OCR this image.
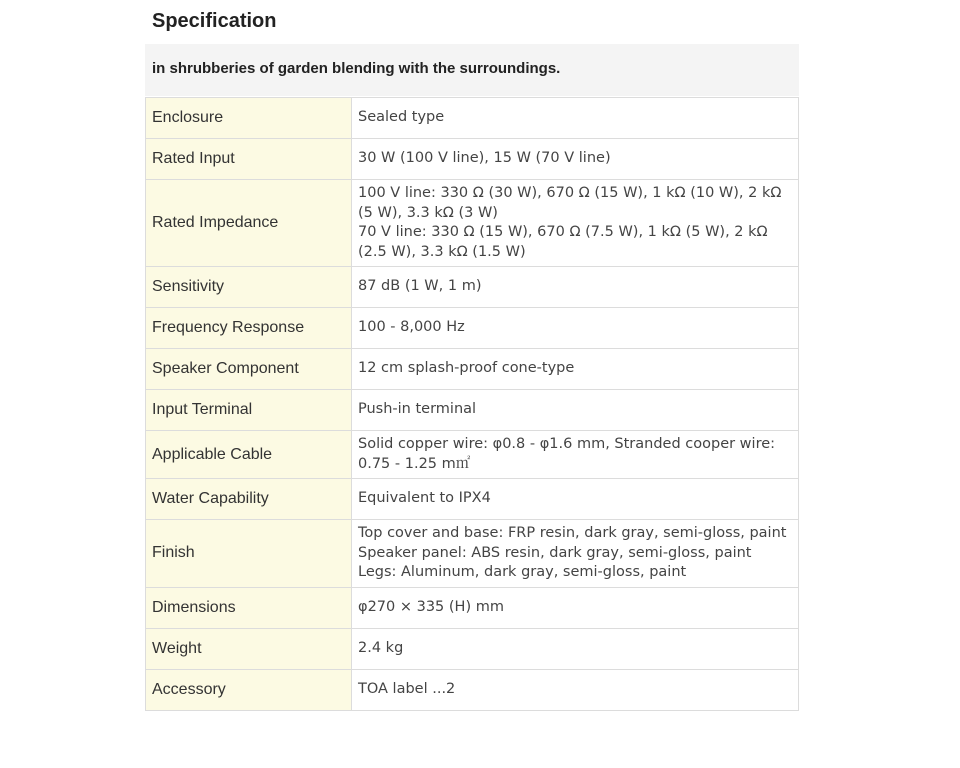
Specification
in shrubberies of garden blending with the surroundings.
Enclosure	Sealed type

Rated Input	30 W (100 V line), 15 W (70 V line)

Rated Impedance	100 V line: 330 Ω (30 W), 670 Ω (15 W), 1 kΩ (10 W), 2 kΩ (5 W), 3.3 kΩ (3 W)
70 V line: 330 Ω (15 W), 670 Ω (7.5 W), 1 kΩ (5 W), 2 kΩ (2.5 W), 3.3 kΩ (1.5 W)

Sensitivity	87 dB (1 W, 1 m)

Frequency Response	100 - 8,000 Hz

Speaker Component	12 cm splash-proof cone-type

Input Terminal	Push-in terminal

Applicable Cable	Solid copper wire: φ0.8 - φ1.6 mm, Stranded cooper wire: 0.75 - 1.25 m㎡

Water Capability	Equivalent to IPX4

Finish	Top cover and base: FRP resin, dark gray, semi-gloss, paint
Speaker panel: ABS resin, dark gray, semi-gloss, paint
Legs: Aluminum, dark gray, semi-gloss, paint

Dimensions	φ270 × 335 (H) mm

Weight	2.4 kg

Accessory	TOA label ...2
